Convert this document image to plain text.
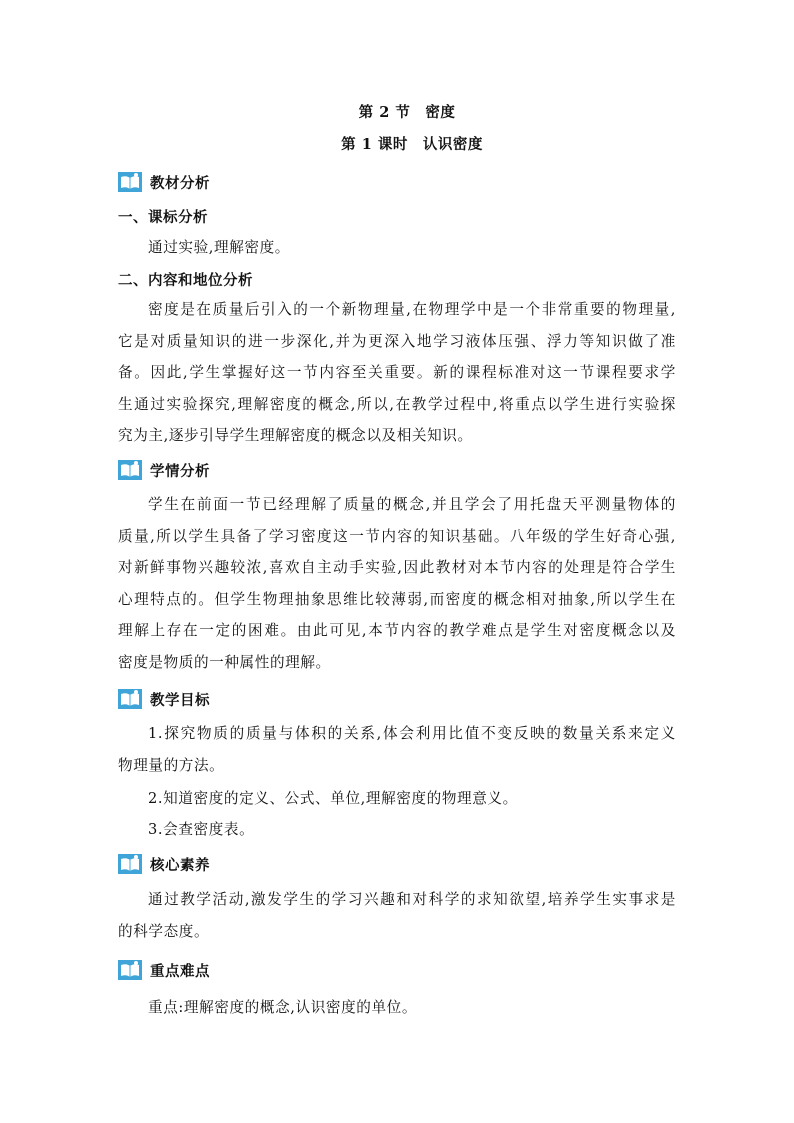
第 2 节　密度
第 1 课时　认识密度
教材分析
一、课标分析
通过实验,理解密度。
二、内容和地位分析
密度是在质量后引入的一个新物理量,在物理学中是一个非常重要的物理量,
它是对质量知识的进一步深化,并为更深入地学习液体压强、浮力等知识做了准
备。因此,学生掌握好这一节内容至关重要。新的课程标准对这一节课程要求学
生通过实验探究,理解密度的概念,所以,在教学过程中,将重点以学生进行实验探
究为主,逐步引导学生理解密度的概念以及相关知识。
学情分析
学生在前面一节已经理解了质量的概念,并且学会了用托盘天平测量物体的
质量,所以学生具备了学习密度这一节内容的知识基础。八年级的学生好奇心强,
对新鲜事物兴趣较浓,喜欢自主动手实验,因此教材对本节内容的处理是符合学生
心理特点的。但学生物理抽象思维比较薄弱,而密度的概念相对抽象,所以学生在
理解上存在一定的困难。由此可见,本节内容的教学难点是学生对密度概念以及
密度是物质的一种属性的理解。
教学目标
1.探究物质的质量与体积的关系,体会利用比值不变反映的数量关系来定义
物理量的方法。
2.知道密度的定义、公式、单位,理解密度的物理意义。
3.会查密度表。
核心素养
通过教学活动,激发学生的学习兴趣和对科学的求知欲望,培养学生实事求是
的科学态度。
重点难点
重点:理解密度的概念,认识密度的单位。
